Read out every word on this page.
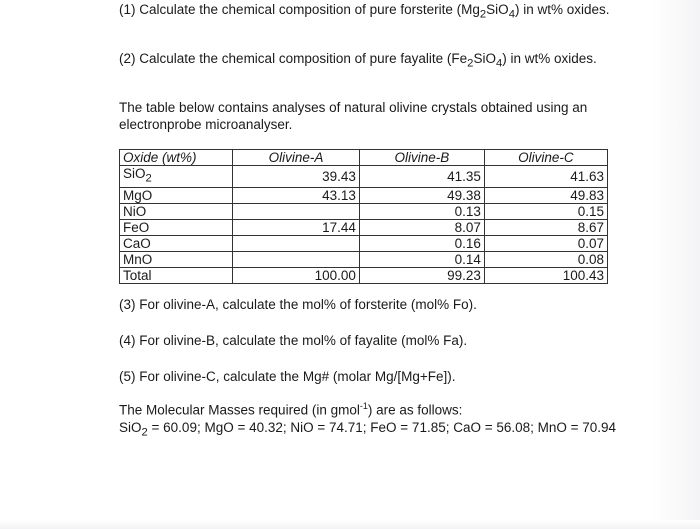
(1) Calculate the chemical composition of pure forsterite $(Mg_2SiO_4)$ in wt% oxides.

(2) Calculate the chemical composition of pure fayalite $(Fe_2SiO_4)$ in wt% oxides.

The table below contains analyses of natural olivine crystals obtained using an electronprobe microanalyser.

Oxide (wt%)	Olivine-A	Olivine-B	Olivine-C
SiO$_2$	39.43	41.35	41.63
MgO	43.13	49.38	49.83
NiO		0.13	0.15
FeO	17.44	8.07	8.67
CaO		0.16	0.07
MnO		0.14	0.08
Total	100.00	99.23	100.43

(3) For olivine-A, calculate the mol% of forsterite (mol% Fo).

(4) For olivine-B, calculate the mol% of fayalite (mol% Fa).

(5) For olivine-C, calculate the Mg# (molar Mg/[Mg+Fe]).

The Molecular Masses required (in gmol$^{-1}$) are as follows:
SiO$_2$ = 60.09; MgO = 40.32; NiO = 74.71; FeO = 71.85; CaO = 56.08; MnO = 70.94
